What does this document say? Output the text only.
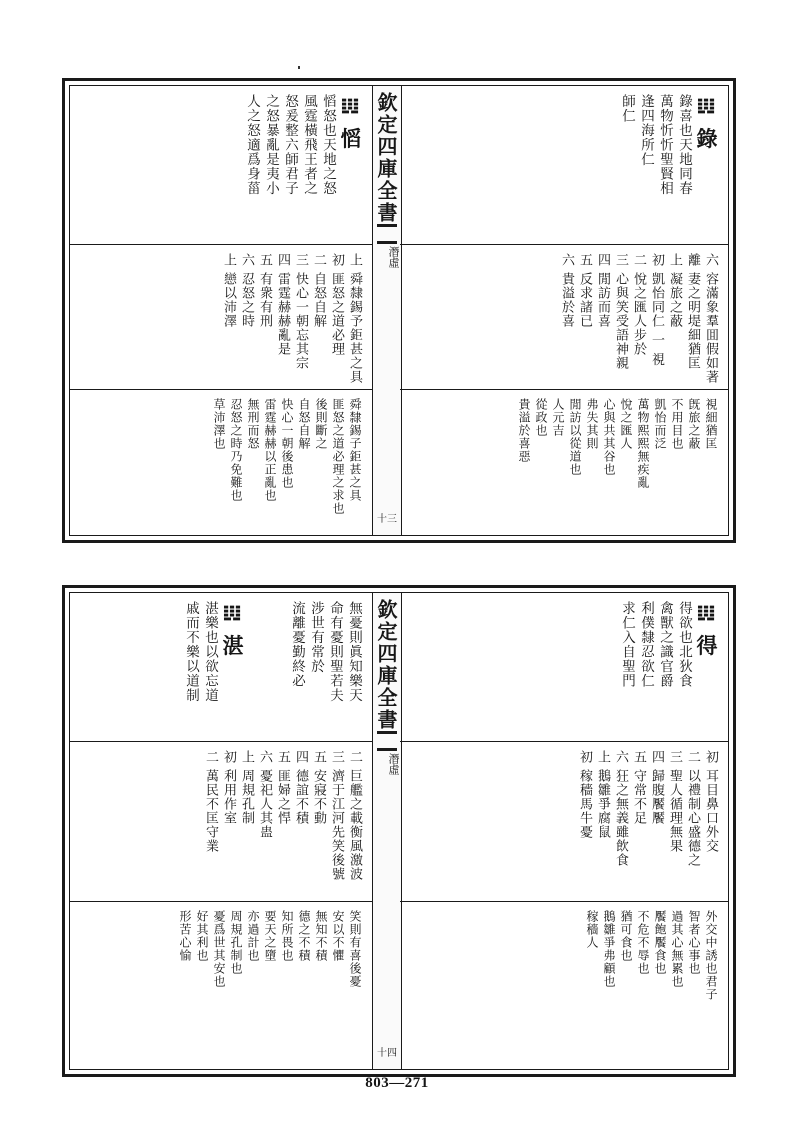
𝍕 慆
慆怒也天地之怒
風霆橫飛王者之
怒爰整六師君子
之怒暴亂是夷小
人之怒適爲身菑
上 舜隸錫予鉅甚之具
初 匪怒之道必理
二 自怒自解
三 快心一朝忘其宗
四 雷霆赫赫亂是
五 有衆有刑
六 忍怒之時
上 戀以沛澤
舜隸錫子鉅甚之具
匪怒之道必理之求也
後則斷之
自怒自解
快心一朝後患也
雷霆赫赫以正亂也
無刑而怒
忍怒之時乃免難也
草沛澤也
欽定四庫全書
潛虛
十三
𝍕 錄
錄喜也天地同春
萬物忻忻聖賢相
逢四海所仁
師仁
六 容滿象羣囬假如著
離 妻之明堤細猶匡
上 凝旅之蔽
初 凱怡同仁 一 視
二 悅之匯人步於
三 心與笑受語神親
四 閒訪而喜
五 反求諸已
六 貴溢於喜
視細猶匡
旣旅之蔽
不用目也
凱怡而泛
萬物熙熙無疾亂
悅之匯人
心與共其谷也
弗失其則
閒訪以從道也
人元吉
從政也
貴溢於喜惡
無憂則眞知樂天
命有憂則聖若夫
涉世有常於
流離憂勤終必
𝍕 湛
湛樂也以欲忘道
戚而不樂以道制
二 巨艦之載衡風激波
三 濟于江河先笑後號
五 安寢不動
四 德誼不積
五 匪婦之悍
六 憂祀人其蛊
上 周規孔制
初 利用作室
二 萬民不匡守業
笑則有喜後憂
安以不懼
無知不積
德之不積
知所畏也
要天之墮
亦過計也
周規孔制也
憂爲世其安也
好其利也
形苦心愉
欽定四庫全書
潛虛
十四
𝍕 得
得欲也北狄食
禽獸之識官爵
利僕隸忍欲仁
求仁入自聖門
初 耳目鼻口外交
二 以禮制心盛德之
三 聖人循理無果
四 歸腹饜饜
五 守常不足
六 狂之無義雖飲食
上 鵝雛爭腐鼠
初 稼穡馬牛憂
外交中誘也君子
智者心事也
過其心無累也
饜飽饜食也
不危不辱也
猶可食也
鵝雛爭弗顧也
稼穡人
803—271
